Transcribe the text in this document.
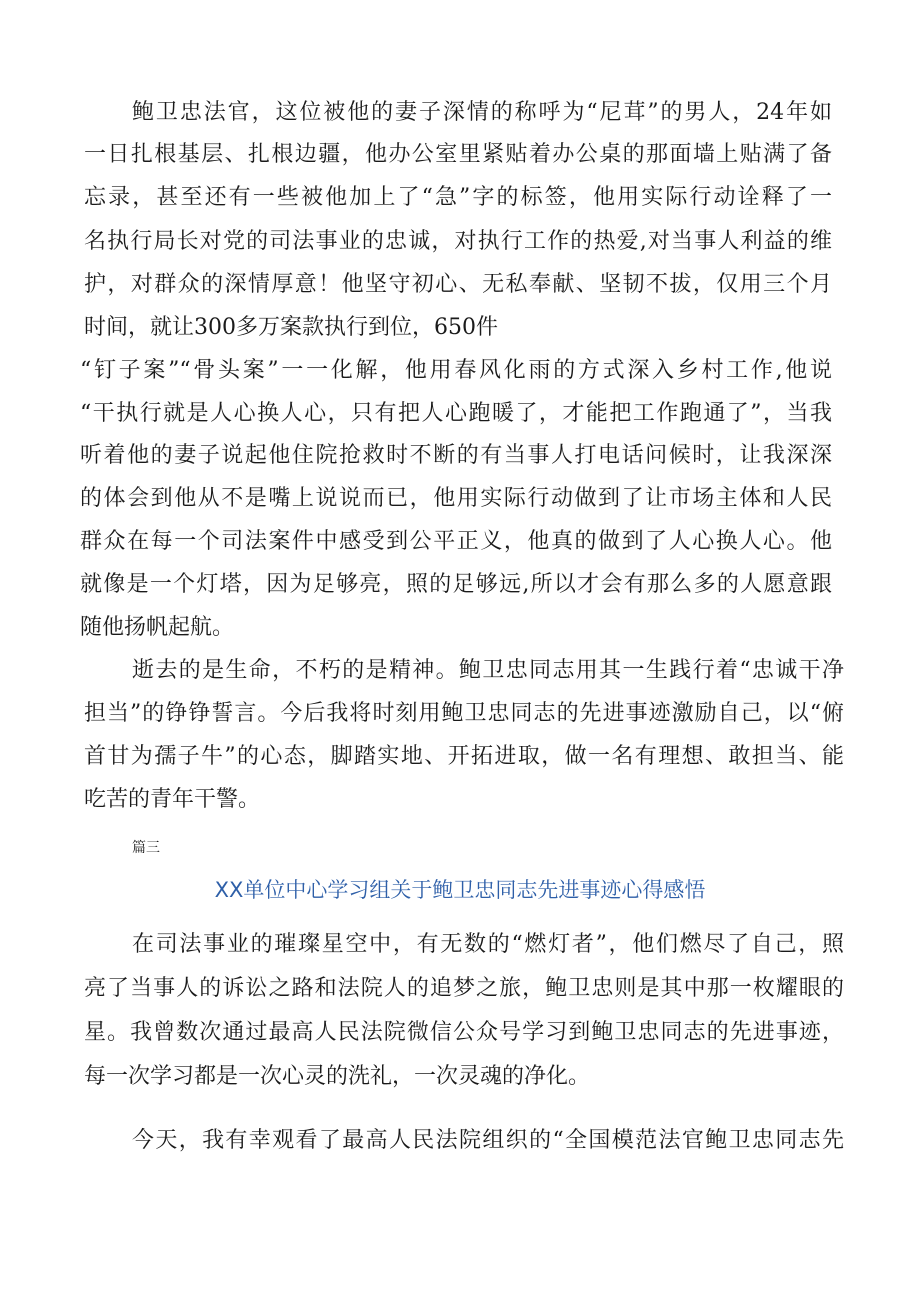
鲍卫忠法官，这位被他的妻子深情的称呼为“尼茸”的男人，24年如
一日扎根基层、扎根边疆，他办公室里紧贴着办公桌的那面墙上贴满了备
忘录，甚至还有一些被他加上了“急”字的标签，他用实际行动诠释了一
名执行局长对党的司法事业的忠诚，对执行工作的热爱,对当事人利益的维
护，对群众的深情厚意！他坚守初心、无私奉献、坚韧不拔，仅用三个月
时间，就让300多万案款执行到位，650件
“钉子案”“骨头案”一一化解，他用春风化雨的方式深入乡村工作,他说
“干执行就是人心换人心，只有把人心跑暖了，才能把工作跑通了”，当我
听着他的妻子说起他住院抢救时不断的有当事人打电话问候时，让我深深
的体会到他从不是嘴上说说而已，他用实际行动做到了让市场主体和人民
群众在每一个司法案件中感受到公平正义，他真的做到了人心换人心。他
就像是一个灯塔，因为足够亮，照的足够远,所以才会有那么多的人愿意跟
随他扬帆起航。
逝去的是生命，不朽的是精神。鲍卫忠同志用其一生践行着“忠诚干净
担当”的铮铮誓言。今后我将时刻用鲍卫忠同志的先进事迹激励自己，以“俯
首甘为孺子牛”的心态，脚踏实地、开拓进取，做一名有理想、敢担当、能
吃苦的青年干警。
篇三
XX单位中心学习组关于鲍卫忠同志先进事迹心得感悟
在司法事业的璀璨星空中，有无数的“燃灯者”，他们燃尽了自己，照
亮了当事人的诉讼之路和法院人的追梦之旅，鲍卫忠则是其中那一枚耀眼的
星。我曾数次通过最高人民法院微信公众号学习到鲍卫忠同志的先进事迹，
每一次学习都是一次心灵的洗礼，一次灵魂的净化。
今天，我有幸观看了最高人民法院组织的“全国模范法官鲍卫忠同志先
